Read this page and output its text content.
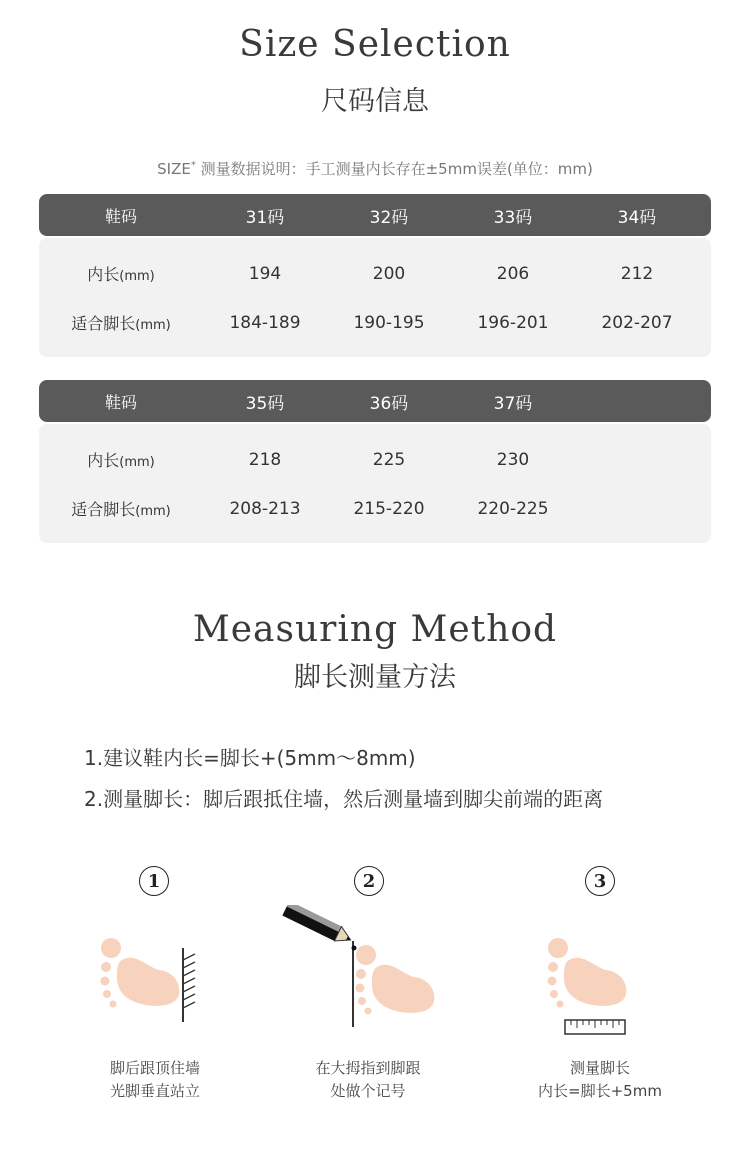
Size Selection
尺码信息
SIZE* 测量数据说明：手工测量内长存在±5mm误差(单位：mm)
鞋码	31码	32码	33码	34码
内长(mm)	194	200	206	212
适合脚长(mm)	184-189	190-195	196-201	202-207
鞋码	35码	36码	37码
内长(mm)	218	225	230
适合脚长(mm)	208-213	215-220	220-225
Measuring Method
脚长测量方法
1.建议鞋内长=脚长+(5mm～8mm)
2.测量脚长：脚后跟抵住墙，然后测量墙到脚尖前端的距离
1	2	3
脚后跟顶住墙
光脚垂直站立
在大拇指到脚跟
处做个记号
测量脚长
内长=脚长+5mm
